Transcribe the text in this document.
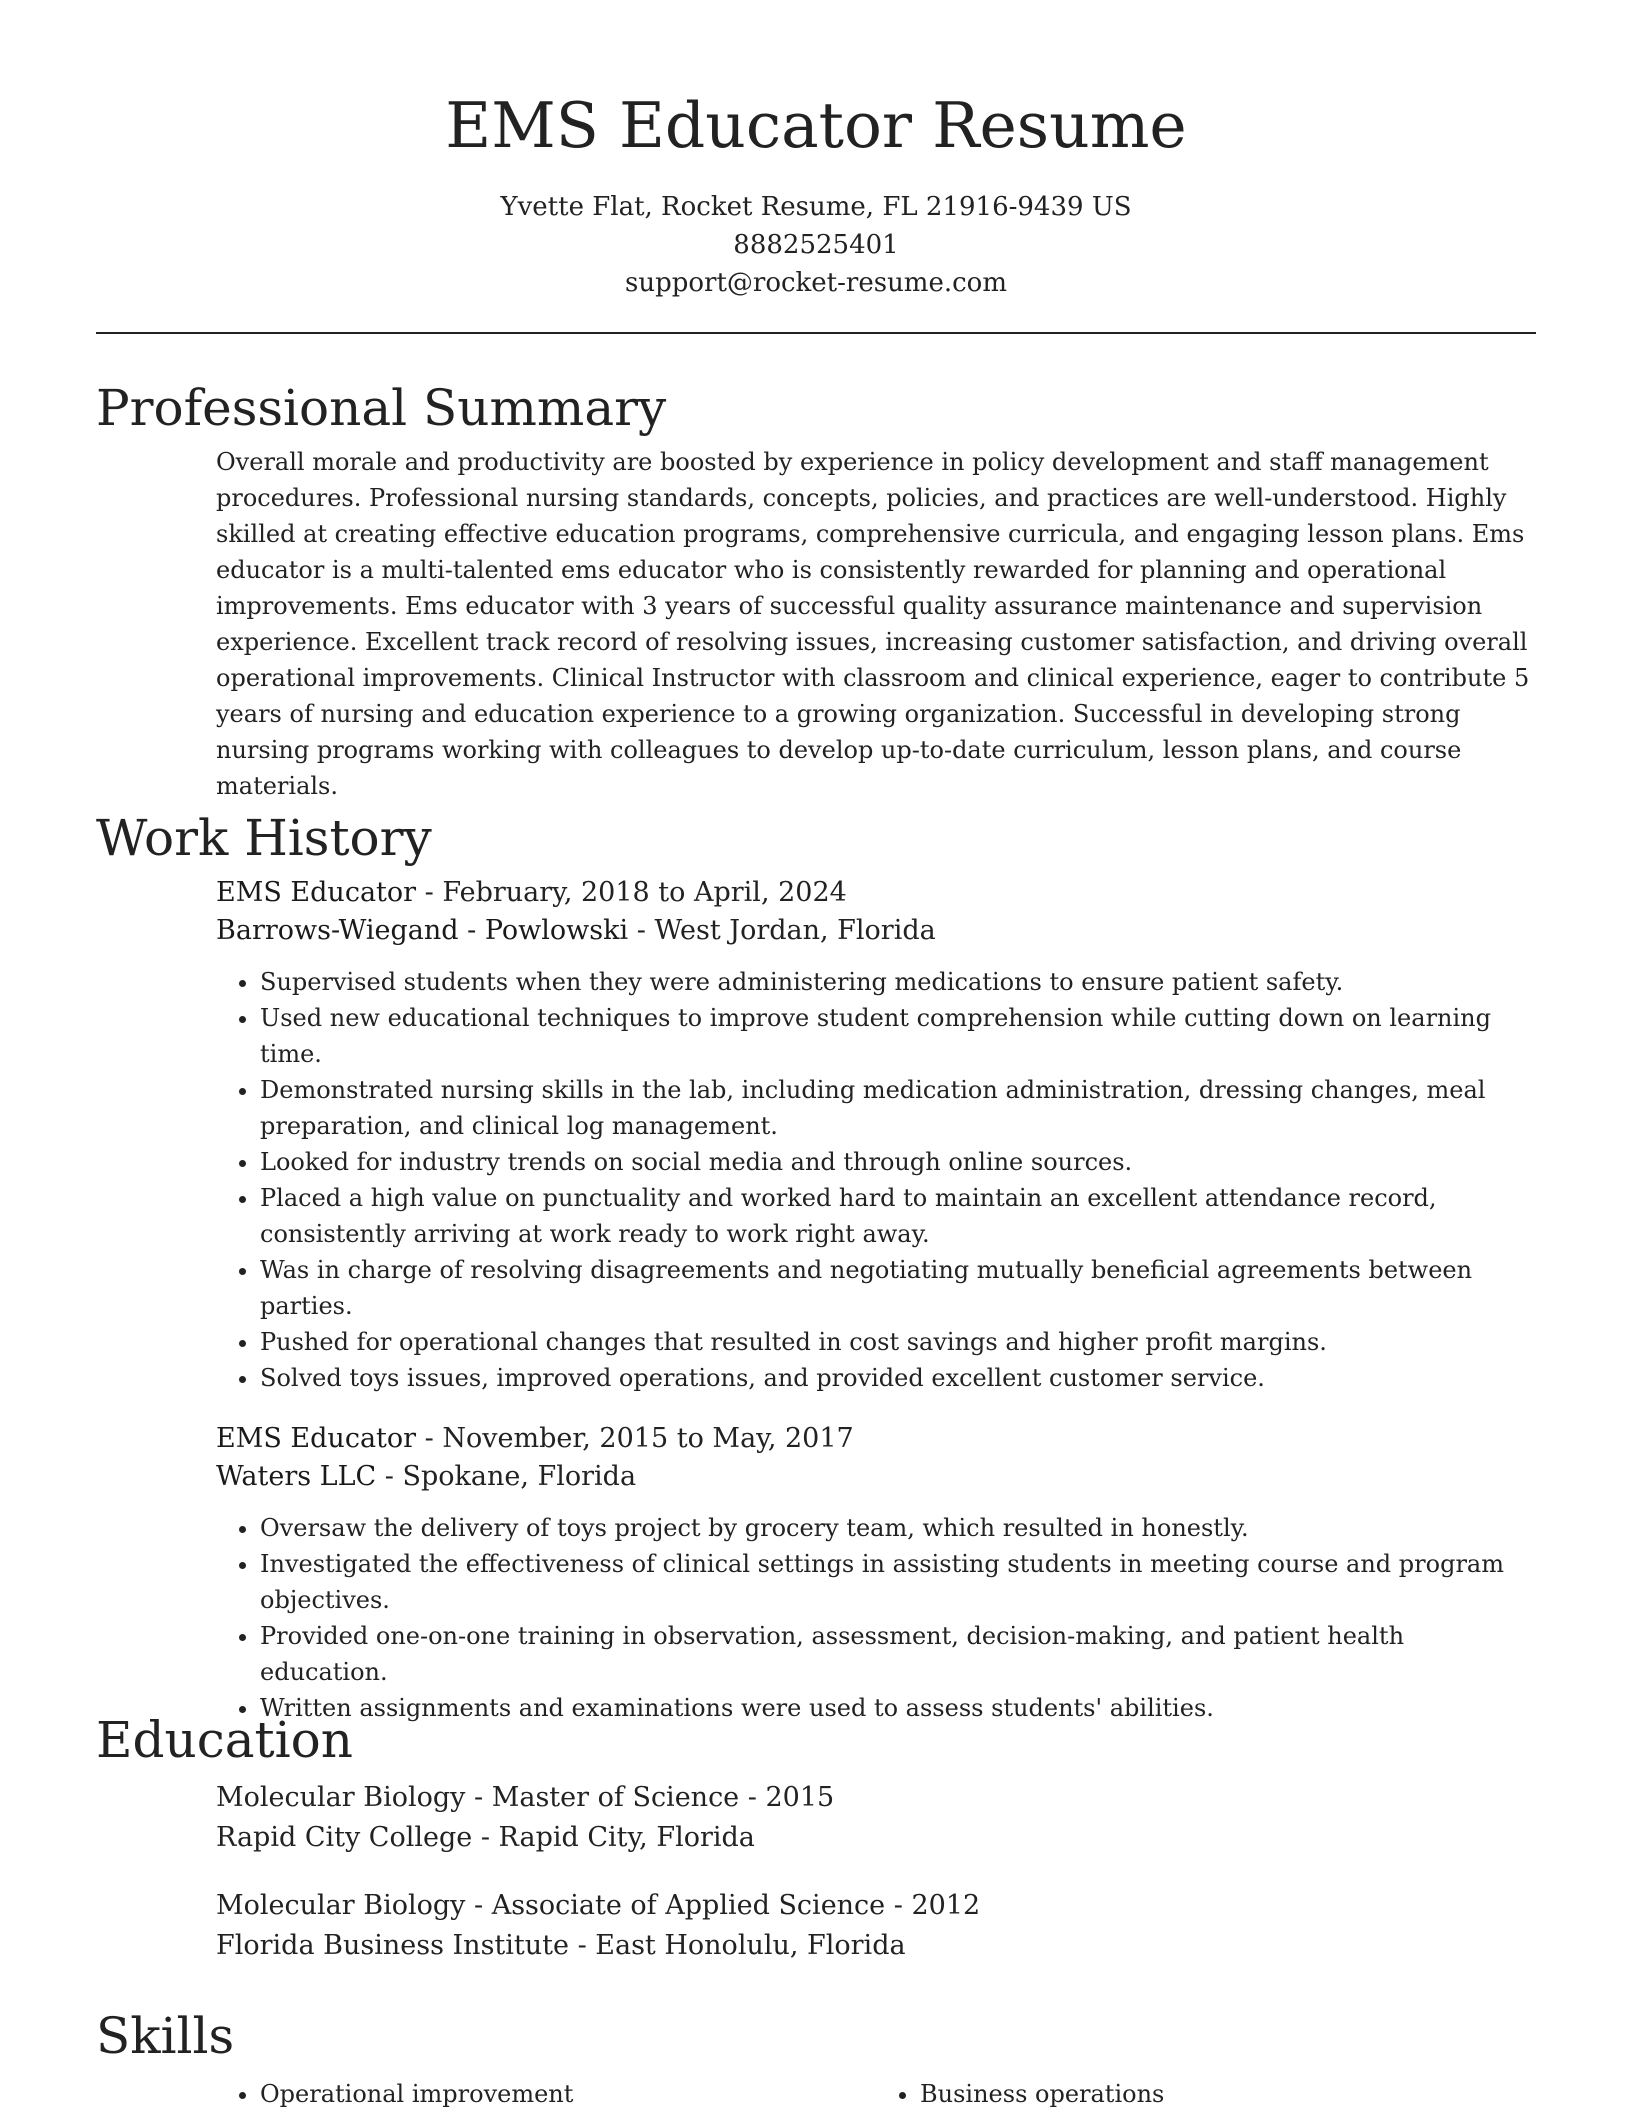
EMS Educator Resume
Yvette Flat, Rocket Resume, FL 21916-9439 US
8882525401
support@rocket-resume.com
Professional Summary

Overall morale and productivity are boosted by experience in policy development and staff management procedures. Professional nursing standards, concepts, policies, and practices are well-understood. Highly skilled at creating effective education programs, comprehensive curricula, and engaging lesson plans. Ems educator is a multi-talented ems educator who is consistently rewarded for planning and operational improvements. Ems educator with 3 years of successful quality assurance maintenance and supervision experience. Excellent track record of resolving issues, increasing customer satisfaction, and driving overall operational improvements. Clinical Instructor with classroom and clinical experience, eager to contribute 5 years of nursing and education experience to a growing organization. Successful in developing strong nursing programs working with colleagues to develop up-to-date curriculum, lesson plans, and course materials.

Work History
EMS Educator - February, 2018 to April, 2024
Barrows-Wiegand - Powlowski - West Jordan, Florida
• Supervised students when they were administering medications to ensure patient safety.
• Used new educational techniques to improve student comprehension while cutting down on learning time.
• Demonstrated nursing skills in the lab, including medication administration, dressing changes, meal preparation, and clinical log management.
• Looked for industry trends on social media and through online sources.
• Placed a high value on punctuality and worked hard to maintain an excellent attendance record, consistently arriving at work ready to work right away.
• Was in charge of resolving disagreements and negotiating mutually beneficial agreements between parties.
• Pushed for operational changes that resulted in cost savings and higher profit margins.
• Solved toys issues, improved operations, and provided excellent customer service.
EMS Educator - November, 2015 to May, 2017
Waters LLC - Spokane, Florida
• Oversaw the delivery of toys project by grocery team, which resulted in honestly.
• Investigated the effectiveness of clinical settings in assisting students in meeting course and program objectives.
• Provided one-on-one training in observation, assessment, decision-making, and patient health education.
• Written assignments and examinations were used to assess students' abilities.
Education
Molecular Biology - Master of Science - 2015
Rapid City College - Rapid City, Florida
Molecular Biology - Associate of Applied Science - 2012
Florida Business Institute - East Honolulu, Florida
Skills
• Operational improvement
•	Business operations
